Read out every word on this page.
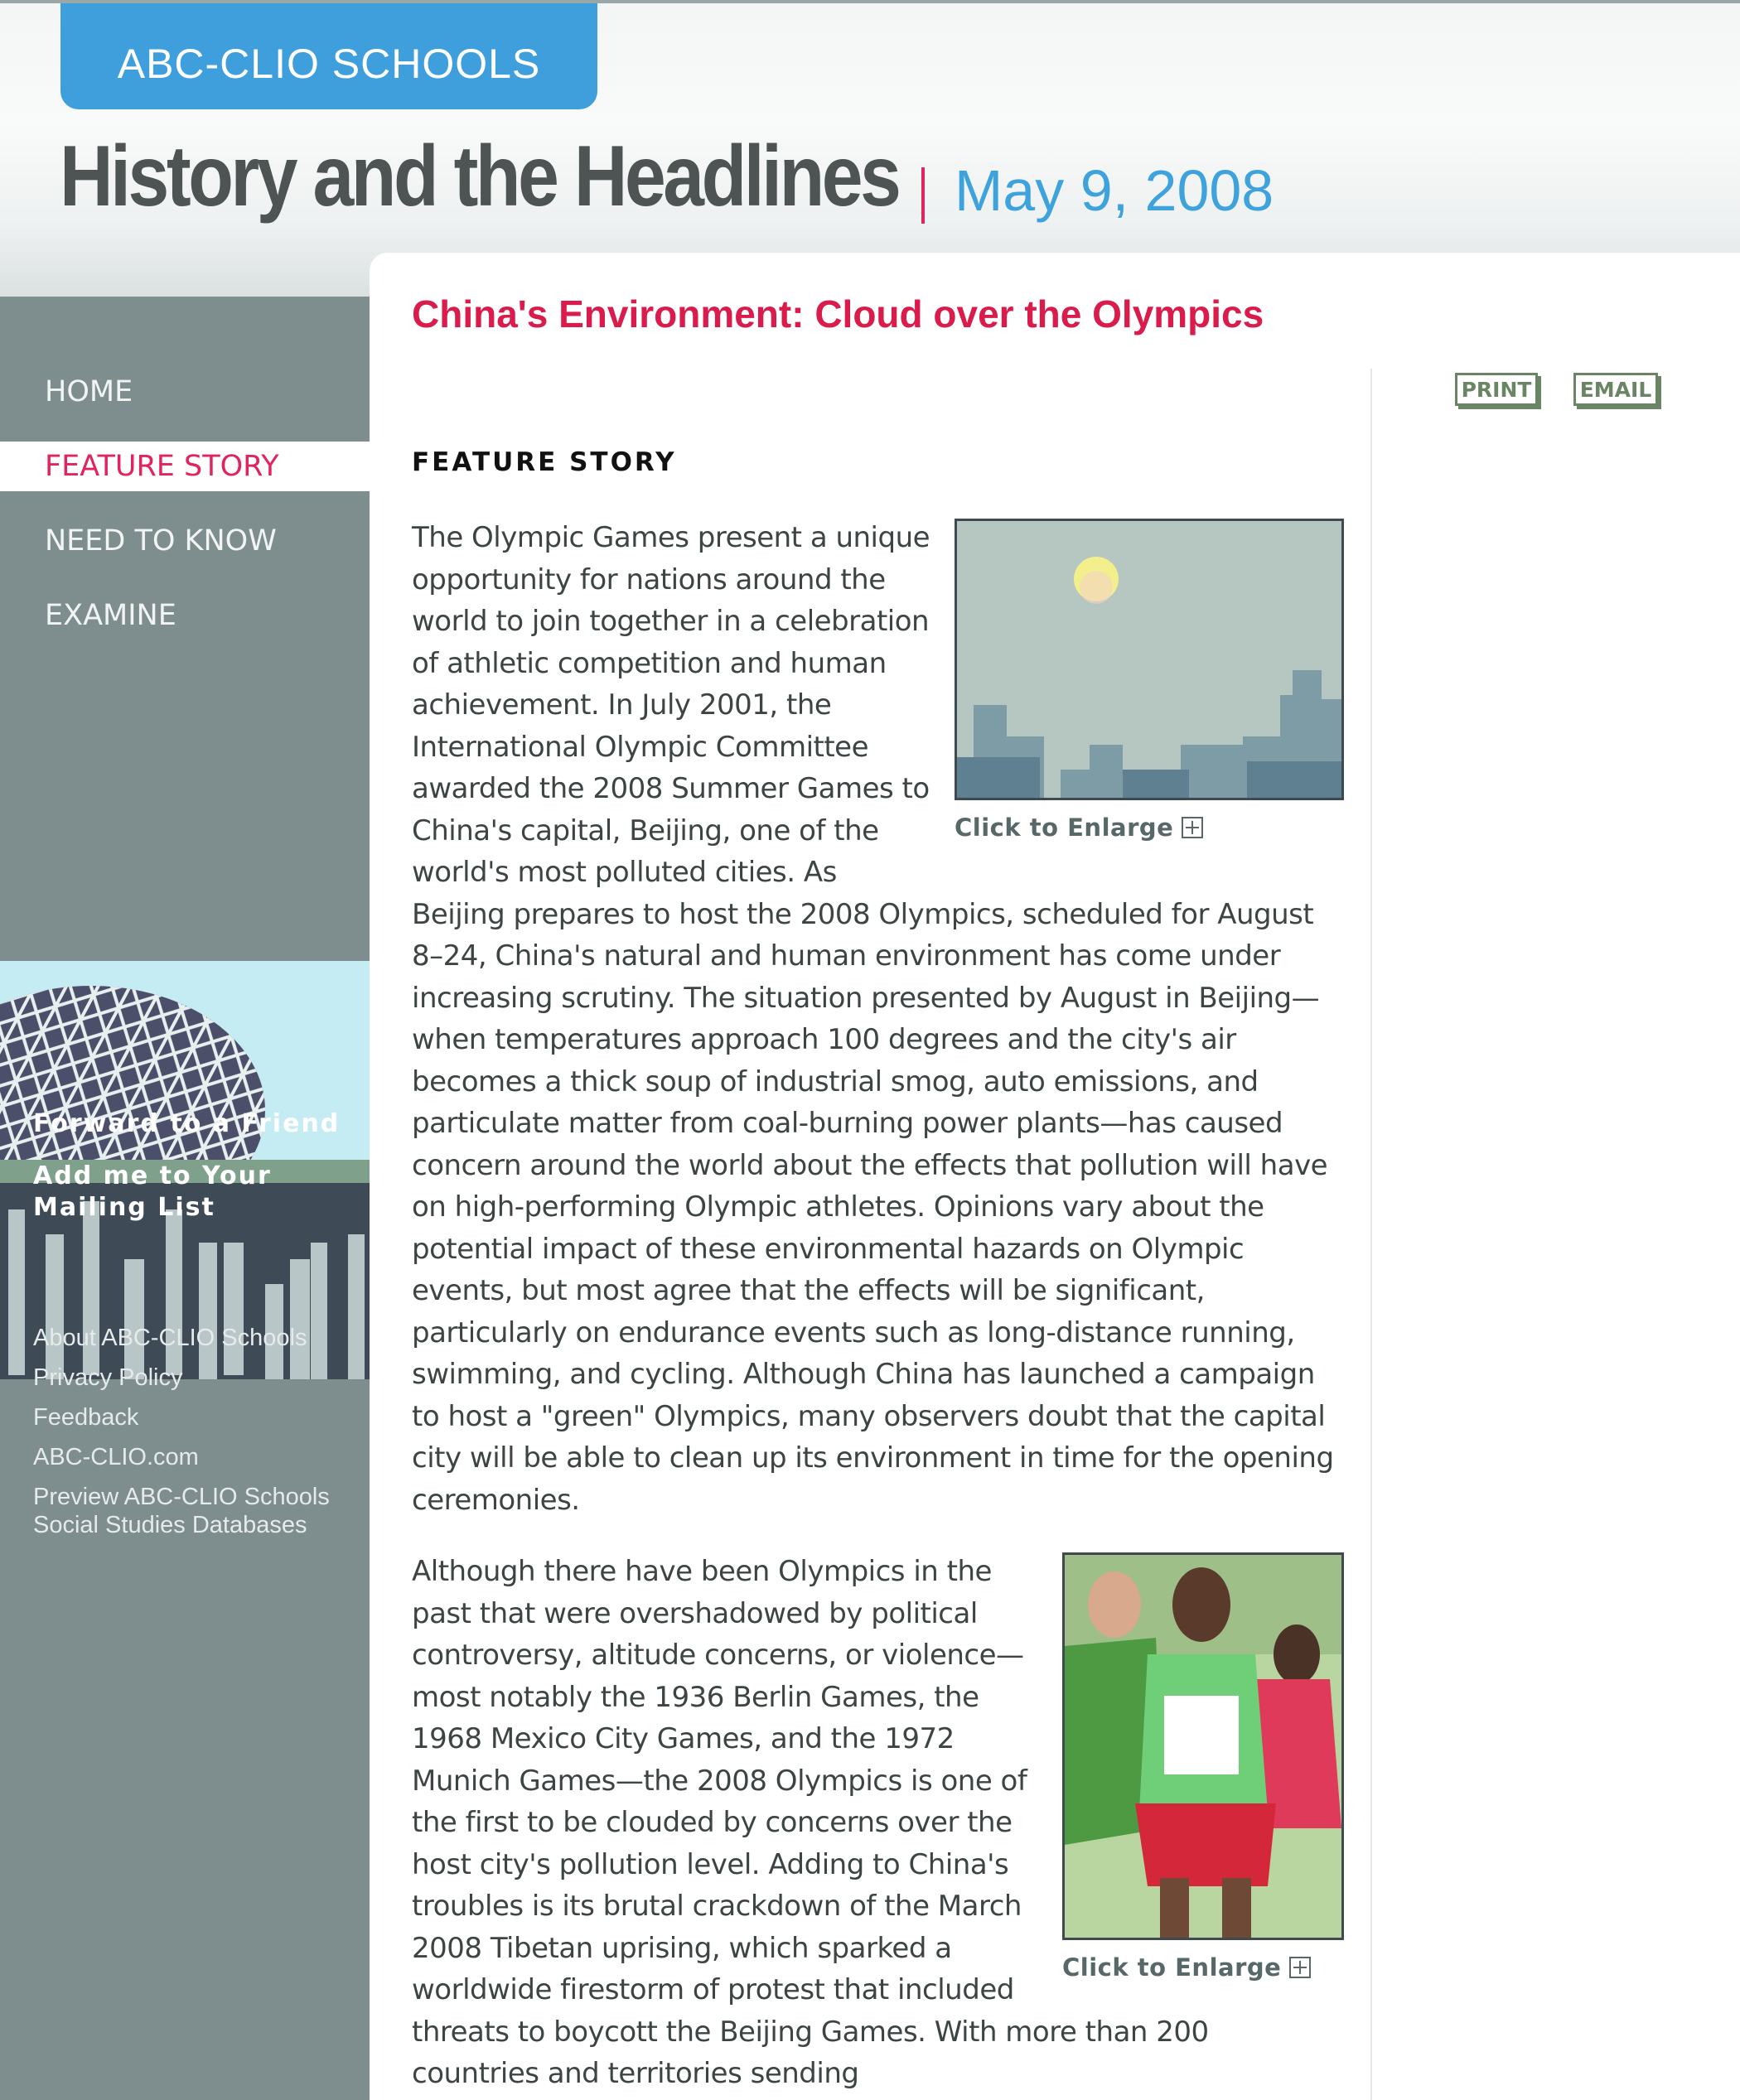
ABC-CLIO SCHOOLS
History and the Headlines May 9, 2008
HOME
FEATURE STORY
NEED TO KNOW
EXAMINE
Forward to a Friend
Add me to Your Mailing List
About ABC-CLIO Schools
Privacy Policy
Feedback
ABC-CLIO.com
Preview ABC-CLIO Schools Social Studies Databases
China's Environment: Cloud over the Olympics
PRINT	EMAIL
FEATURE STORY
Click to Enlarge
The Olympic Games present a unique opportunity for nations around the world to join together in a celebration of athletic competition and human achievement. In July 2001, the International Olympic Committee awarded the 2008 Summer Games to China's capital, Beijing, one of the world's most polluted cities. As Beijing prepares to host the 2008 Olympics, scheduled for August 8–24, China's natural and human environment has come under increasing scrutiny. The situation presented by August in Beijing—when temperatures approach 100 degrees and the city's air becomes a thick soup of industrial smog, auto emissions, and particulate matter from coal-burning power plants—has caused concern around the world about the effects that pollution will have on high-performing Olympic athletes. Opinions vary about the potential impact of these environmental hazards on Olympic events, but most agree that the effects will be significant, particularly on endurance events such as long-distance running, swimming, and cycling. Although China has launched a campaign to host a "green" Olympics, many observers doubt that the capital city will be able to clean up its environment in time for the opening ceremonies.
Click to Enlarge
Although there have been Olympics in the past that were overshadowed by political controversy, altitude concerns, or violence—most notably the 1936 Berlin Games, the 1968 Mexico City Games, and the 1972 Munich Games—the 2008 Olympics is one of the first to be clouded by concerns over the host city's pollution level. Adding to China's troubles is its brutal crackdown of the March 2008 Tibetan uprising, which sparked a worldwide firestorm of protest that included threats to boycott the Beijing Games. With more than 200 countries and territories sending
